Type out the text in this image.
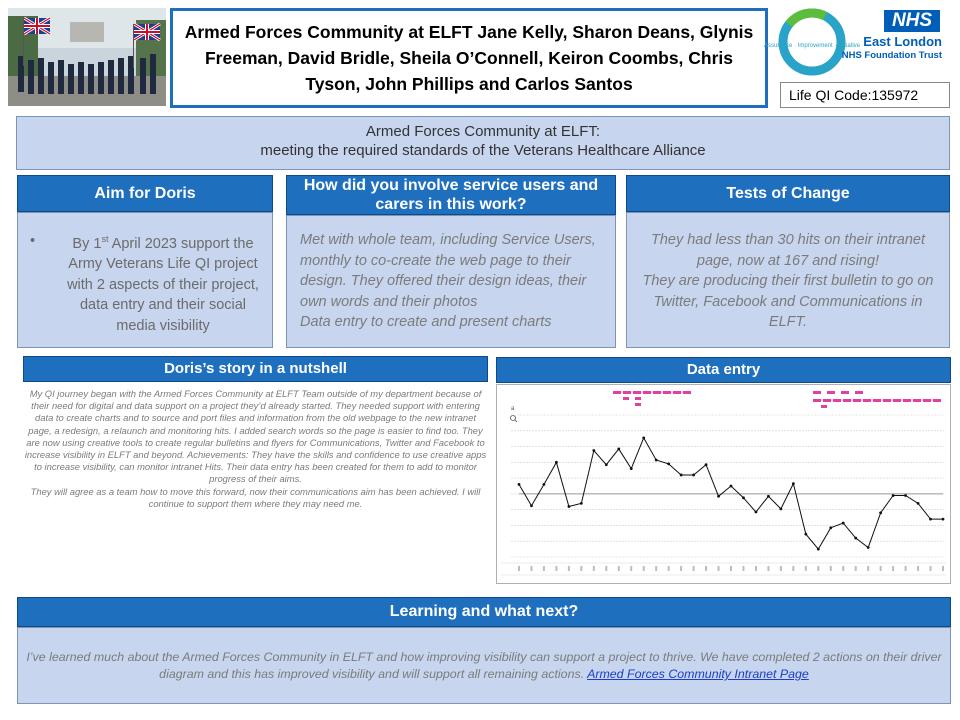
Armed Forces Community at ELFT Jane Kelly, Sharon Deans, Glynis Freeman, David Bridle, Sheila O’Connell, Keiron Coombs, Chris Tyson, John Phillips and Carlos Santos
Assurance · Improvement · Initiative
NHS
East London
NHS Foundation Trust
Life QI Code:135972
Armed Forces Community at ELFT:
meeting the required standards of the Veterans Healthcare Alliance
Aim for Doris
•	By 1st April 2023 support the Army Veterans Life QI project with 2 aspects of their project, data entry and their social media visibility
How did you involve service users and carers in this work?
Met with whole team, including Service Users, monthly to co-create the web page to their design. They offered their design ideas, their own words and their photos
Data entry to create and present charts
Tests of Change
They had less than 30 hits on their intranet page, now at 167 and rising!
They are producing their first bulletin to go on Twitter, Facebook and Communications in ELFT.
Doris’s story in a nutshell

My QI journey began with the Armed Forces Community at ELFT Team outside of my department because of their need for digital and data support on a project they’d already started. They needed support with entering data to create charts and to source and port files and information from the old webpage to the new intranet page, a redesign, a relaunch and monitoring hits. I added search words so the page is easier to find too. They are now using creative tools to create regular bulletins and flyers for Communications, Twitter and Facebook to increase visibility in ELFT and beyond. Achievements: They have the skills and confidence to use creative apps to increase visibility, can monitor intranet Hits. Their data entry has been created for them to add to monitor progress of their aims.

They will agree as a team how to move this forward, now their communications aim has been achieved. I will continue to support them where they may need me.

Data entry
a
Learning and what next?
I’ve learned much about the Armed Forces Community in ELFT and how improving visibility can support a project to thrive. We have completed 2 actions on their driver diagram and this has improved visibility and will support all remaining actions. Armed Forces Community Intranet Page
